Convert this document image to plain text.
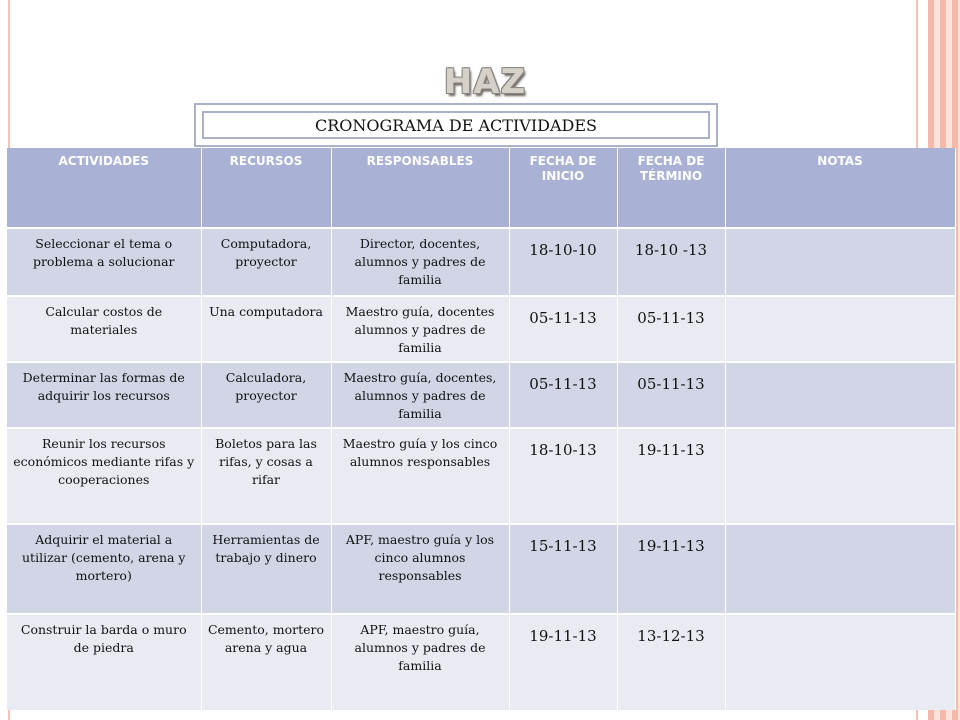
HAZ
CRONOGRAMA DE ACTIVIDADES
ACTIVIDADES	RECURSOS	RESPONSABLES	FECHA DE INICIO	FECHA DE TÉRMINO	NOTAS
Seleccionar el tema o problema a solucionar	Computadora, proyector	Director, docentes, alumnos y padres de familia	18-10-10	18-10 -13	
Calcular costos de materiales	Una computadora	Maestro guía, docentes alumnos y padres de familia	05-11-13	05-11-13	
Determinar las formas de adquirir los recursos	Calculadora, proyector	Maestro guía, docentes, alumnos y padres de familia	05-11-13	05-11-13	
Reunir los recursos económicos mediante rifas y cooperaciones	Boletos para las rifas, y cosas a rifar	Maestro guía y los cinco alumnos responsables	18-10-13	19-11-13	
Adquirir el material a utilizar (cemento, arena y mortero)	Herramientas de trabajo y dinero	APF, maestro guía y los cinco alumnos responsables	15-11-13	19-11-13	
Construir la barda o muro de piedra	Cemento, mortero arena y agua	APF, maestro guía, alumnos y padres de familia	19-11-13	13-12-13	
